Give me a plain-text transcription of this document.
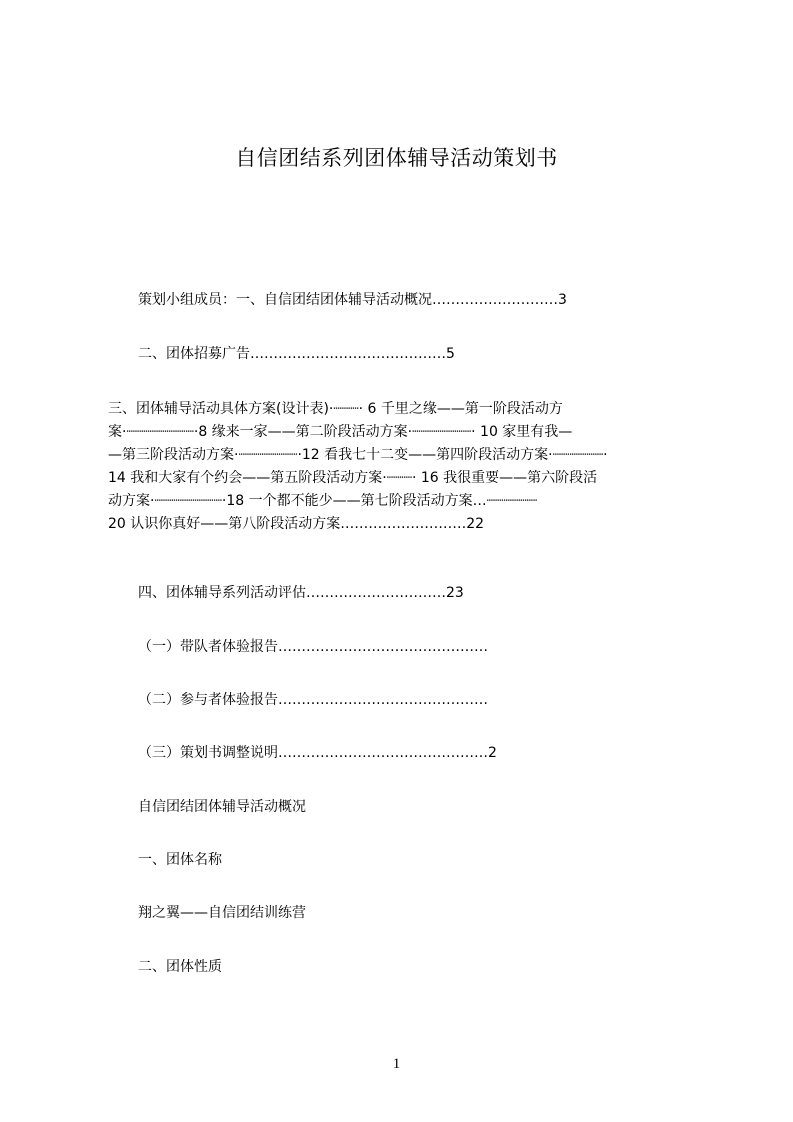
自信团结系列团体辅导活动策划书
策划小组成员：一、自信团结团体辅导活动概况………………………3
二、团体招募广告……………………………………5
三、团体辅导活动具体方案(设计表)·┈┈┈· 6 千里之缘——第一阶段活动方
案·┈┈┈┈┈┈┈┈·8 缘来一家——第二阶段活动方案·┈┈┈┈┈┈┈· 10 家里有我—
—第三阶段活动方案·┈┈┈┈┈┈┈·12 看我七十二变——第四阶段活动方案·┈┈┈┈┈┈·
14 我和大家有个约会——第五阶段活动方案·┈┈┈· 16 我很重要——第六阶段活
动方案·┈┈┈┈┈┈┈┈·18 一个都不能少——第七阶段活动方案…┈┈┈┈┈┈
20 认识你真好——第八阶段活动方案………………………22
四、团体辅导系列活动评估…………………………23
（一）带队者体验报告………………………………………
（二）参与者体验报告………………………………………
（三）策划书调整说明………………………………………2
自信团结团体辅导活动概况
一、团体名称
翔之翼——自信团结训练营
二、团体性质
1
